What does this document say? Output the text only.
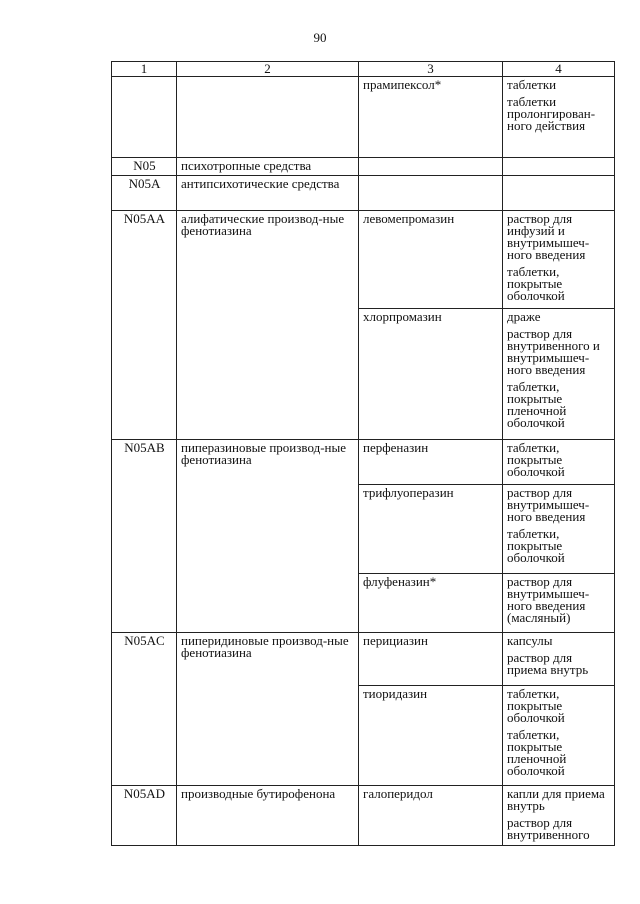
90
1	2	3	4
		прамипексол*	таблетки
таблетки пролонгирован-ного действия

N05	психотропные средства		
N05A	антипсихотические средства		
N05AA	алифатические производ-ные фенотиазина	левомепромазин	раствор для инфузий и внутримышеч-ного введения
таблетки, покрытые оболочкой

		хлорпромазин	драже
раствор для внутривенного и внутримышеч-ного введения
таблетки, покрытые пленочной оболочкой

N05AB	пиперазиновые производ-ные фенотиазина	перфеназин	таблетки, покрытые оболочкой

		трифлуоперазин	раствор для внутримышеч-ного введения
таблетки, покрытые оболочкой

		флуфеназин*	раствор для внутримышеч-ного введения (масляный)

N05AC	пиперидиновые производ-ные фенотиазина	перициазин	капсулы
раствор для приема внутрь

		тиоридазин	таблетки, покрытые оболочкой
таблетки, покрытые пленочной оболочкой

N05AD	производные бутирофенона	галоперидол	капли для приема внутрь
раствор для внутривенного
